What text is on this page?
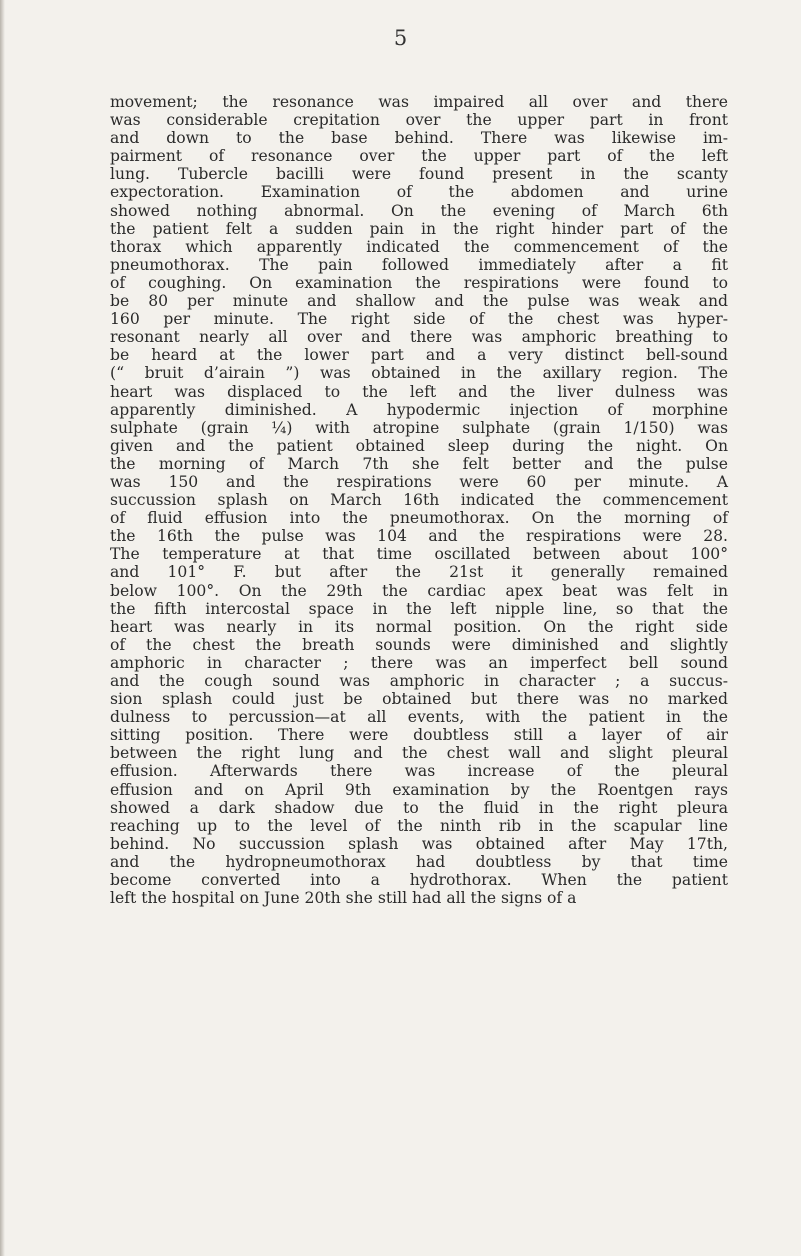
5
movement; the resonance was impaired all over and there
was considerable crepitation over the upper part in front
and down to the base behind. There was likewise im-
pairment of resonance over the upper part of the left
lung. Tubercle bacilli were found present in the scanty
expectoration. Examination of the abdomen and urine
showed nothing abnormal. On the evening of March 6th
the patient felt a sudden pain in the right hinder part of the
thorax which apparently indicated the commencement of the
pneumothorax. The pain followed immediately after a fit
of coughing. On examination the respirations were found to
be 80 per minute and shallow and the pulse was weak and
160 per minute. The right side of the chest was hyper-
resonant nearly all over and there was amphoric breathing to
be heard at the lower part and a very distinct bell-sound
(“ bruit d’airain ”) was obtained in the axillary region. The
heart was displaced to the left and the liver dulness was
apparently diminished. A hypodermic injection of morphine
sulphate (grain ¼) with atropine sulphate (grain 1/150) was
given and the patient obtained sleep during the night. On
the morning of March 7th she felt better and the pulse
was 150 and the respirations were 60 per minute. A
succussion splash on March 16th indicated the commencement
of fluid effusion into the pneumothorax. On the morning of
the 16th the pulse was 104 and the respirations were 28.
The temperature at that time oscillated between about 100°
and 101° F. but after the 21st it generally remained
below 100°. On the 29th the cardiac apex beat was felt in
the fifth intercostal space in the left nipple line, so that the
heart was nearly in its normal position. On the right side
of the chest the breath sounds were diminished and slightly
amphoric in character ; there was an imperfect bell sound
and the cough sound was amphoric in character ; a succus-
sion splash could just be obtained but there was no marked
dulness to percussion—at all events, with the patient in the
sitting position. There were doubtless still a layer of air
between the right lung and the chest wall and slight pleural
effusion. Afterwards there was increase of the pleural
effusion and on April 9th examination by the Roentgen rays
showed a dark shadow due to the fluid in the right pleura
reaching up to the level of the ninth rib in the scapular line
behind. No succussion splash was obtained after May 17th,
and the hydropneumothorax had doubtless by that time
become converted into a hydrothorax. When the patient
left the hospital on June 20th she still had all the signs of a
